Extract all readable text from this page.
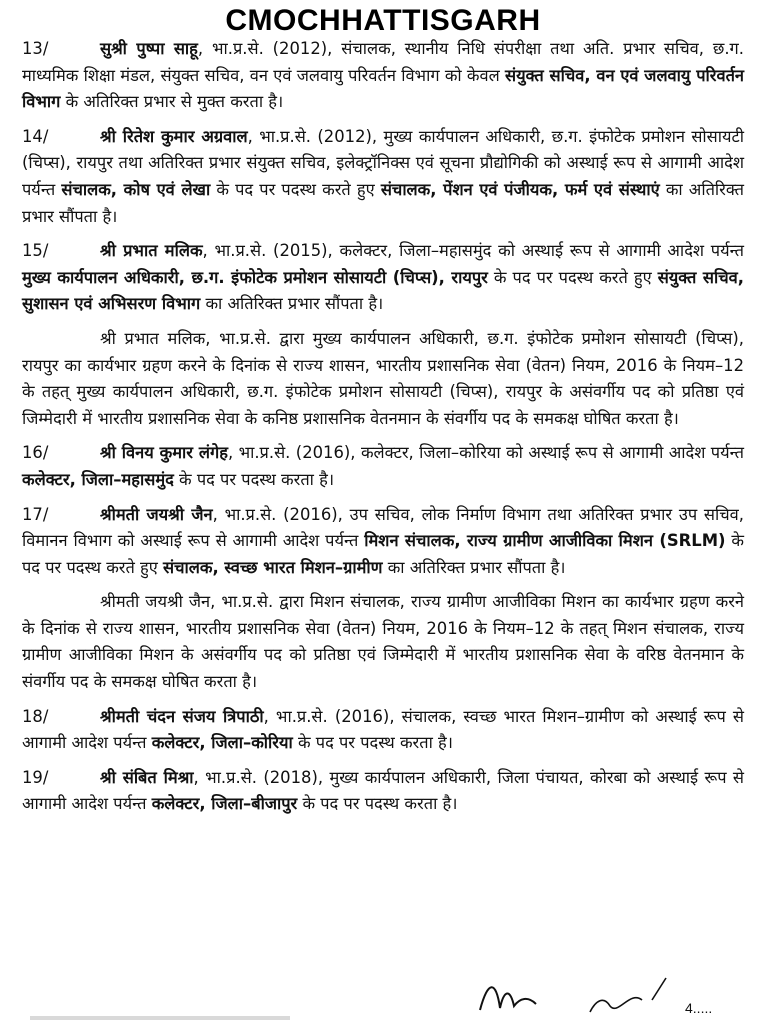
CMOCHHATTISGARH

13/	सुश्री पुष्पा साहू, भा.प्र.से. (2012), संचालक, स्थानीय निधि संपरीक्षा तथा अति. प्रभार सचिव, छ.ग. माध्यमिक शिक्षा मंडल, संयुक्त सचिव, वन एवं जलवायु परिवर्तन विभाग को केवल संयुक्त सचिव, वन एवं जलवायु परिवर्तन विभाग के अतिरिक्त प्रभार से मुक्त करता है।

14/	श्री रितेश कुमार अग्रवाल, भा.प्र.से. (2012), मुख्य कार्यपालन अधिकारी, छ.ग. इंफोटेक प्रमोशन सोसायटी (चिप्स), रायपुर तथा अतिरिक्त प्रभार संयुक्त सचिव, इलेक्ट्रॉनिक्स एवं सूचना प्रौद्योगिकी को अस्थाई रूप से आगामी आदेश पर्यन्त संचालक, कोष एवं लेखा के पद पर पदस्थ करते हुए संचालक, पेंशन एवं पंजीयक, फर्म एवं संस्थाएं का अतिरिक्त प्रभार सौंपता है।

15/	श्री प्रभात मलिक, भा.प्र.से. (2015), कलेक्टर, जिला–महासमुंद को अस्थाई रूप से आगामी आदेश पर्यन्त मुख्य कार्यपालन अधिकारी, छ.ग. इंफोटेक प्रमोशन सोसायटी (चिप्स), रायपुर के पद पर पदस्थ करते हुए संयुक्त सचिव, सुशासन एवं अभिसरण विभाग का अतिरिक्त प्रभार सौंपता है।

श्री प्रभात मलिक, भा.प्र.से. द्वारा मुख्य कार्यपालन अधिकारी, छ.ग. इंफोटेक प्रमोशन सोसायटी (चिप्स), रायपुर का कार्यभार ग्रहण करने के दिनांक से राज्य शासन, भारतीय प्रशासनिक सेवा (वेतन) नियम, 2016 के नियम–12 के तहत् मुख्य कार्यपालन अधिकारी, छ.ग. इंफोटेक प्रमोशन सोसायटी (चिप्स), रायपुर के असंवर्गीय पद को प्रतिष्ठा एवं जिम्मेदारी में भारतीय प्रशासनिक सेवा के कनिष्ठ प्रशासनिक वेतनमान के संवर्गीय पद के समकक्ष घोषित करता है।

16/	श्री विनय कुमार लंगेह, भा.प्र.से. (2016), कलेक्टर, जिला–कोरिया को अस्थाई रूप से आगामी आदेश पर्यन्त कलेक्टर, जिला–महासमुंद के पद पर पदस्थ करता है।

17/	श्रीमती जयश्री जैन, भा.प्र.से. (2016), उप सचिव, लोक निर्माण विभाग तथा अतिरिक्त प्रभार उप सचिव, विमानन विभाग को अस्थाई रूप से आगामी आदेश पर्यन्त मिशन संचालक, राज्य ग्रामीण आजीविका मिशन (SRLM) के पद पर पदस्थ करते हुए संचालक, स्वच्छ भारत मिशन–ग्रामीण का अतिरिक्त प्रभार सौंपता है।

श्रीमती जयश्री जैन, भा.प्र.से. द्वारा मिशन संचालक, राज्य ग्रामीण आजीविका मिशन का कार्यभार ग्रहण करने के दिनांक से राज्य शासन, भारतीय प्रशासनिक सेवा (वेतन) नियम, 2016 के नियम–12 के तहत् मिशन संचालक, राज्य ग्रामीण आजीविका मिशन के असंवर्गीय पद को प्रतिष्ठा एवं जिम्मेदारी में भारतीय प्रशासनिक सेवा के वरिष्ठ वेतनमान के संवर्गीय पद के समकक्ष घोषित करता है।

18/	श्रीमती चंदन संजय त्रिपाठी, भा.प्र.से. (2016), संचालक, स्वच्छ भारत मिशन–ग्रामीण को अस्थाई रूप से आगामी आदेश पर्यन्त कलेक्टर, जिला–कोरिया के पद पर पदस्थ करता है।

19/	श्री संबित मिश्रा, भा.प्र.से. (2018), मुख्य कार्यपालन अधिकारी, जिला पंचायत, कोरबा को अस्थाई रूप से आगामी आदेश पर्यन्त कलेक्टर, जिला–बीजापुर के पद पर पदस्थ करता है।

4.....
